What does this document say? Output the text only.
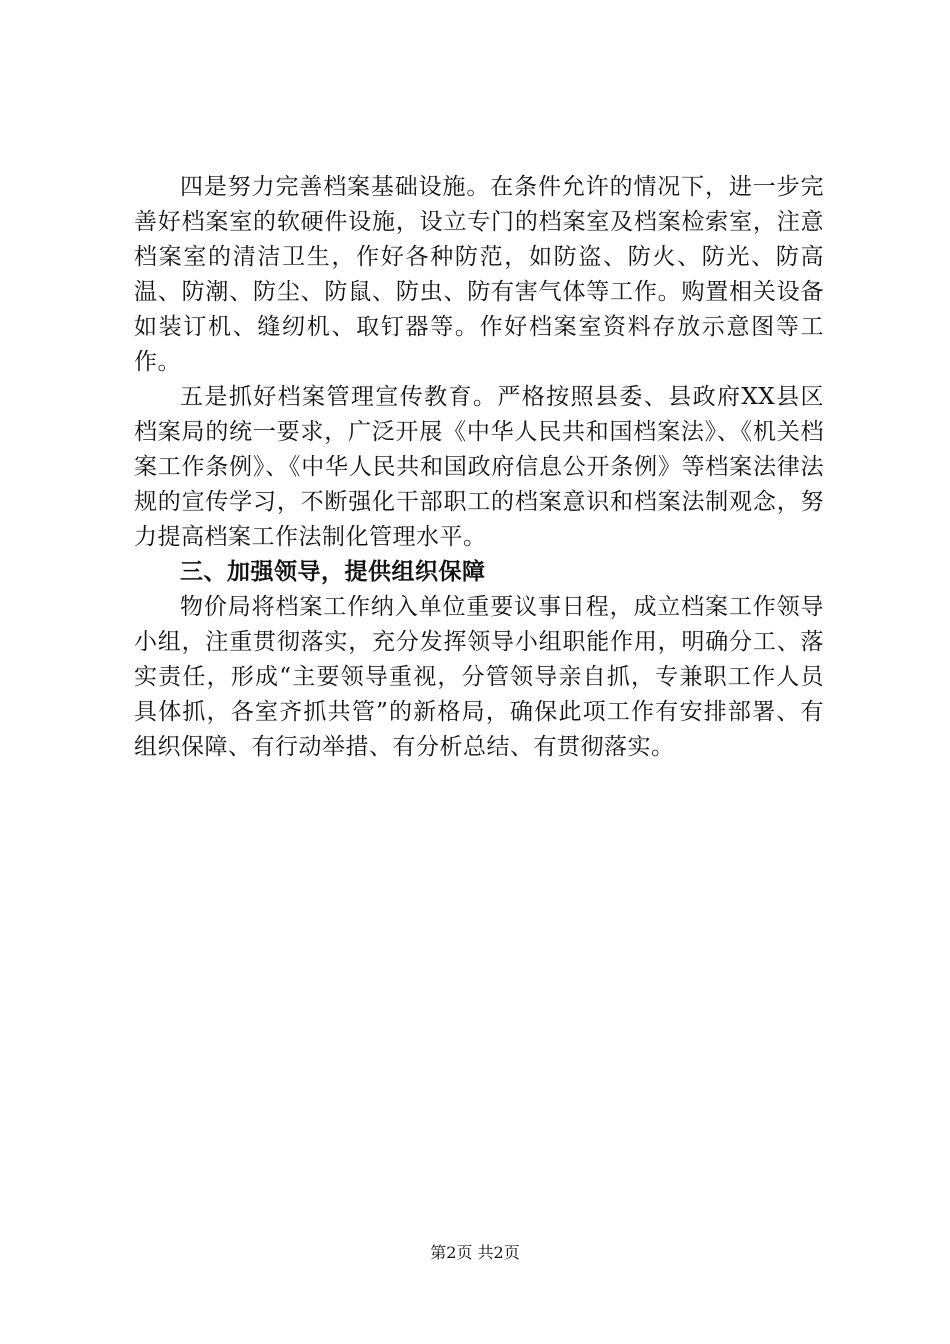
四是努力完善档案基础设施。在条件允许的情况下，进一步完善好档案室的软硬件设施，设立专门的档案室及档案检索室，注意档案室的清洁卫生，作好各种防范，如防盗、防火、防光、防高温、防潮、防尘、防鼠、防虫、防有害气体等工作。购置相关设备如装订机、缝纫机、取钉器等。作好档案室资料存放示意图等工作。

五是抓好档案管理宣传教育。严格按照县委、县政府XX县区档案局的统一要求，广泛开展《中华人民共和国档案法》、《机关档案工作条例》、《中华人民共和国政府信息公开条例》等档案法律法规的宣传学习，不断强化干部职工的档案意识和档案法制观念，努力提高档案工作法制化管理水平。

三、加强领导，提供组织保障

物价局将档案工作纳入单位重要议事日程，成立档案工作领导小组，注重贯彻落实，充分发挥领导小组职能作用，明确分工、落实责任，形成“主要领导重视，分管领导亲自抓，专兼职工作人员具体抓，各室齐抓共管”的新格局，确保此项工作有安排部署、有组织保障、有行动举措、有分析总结、有贯彻落实。

第2页 共2页
